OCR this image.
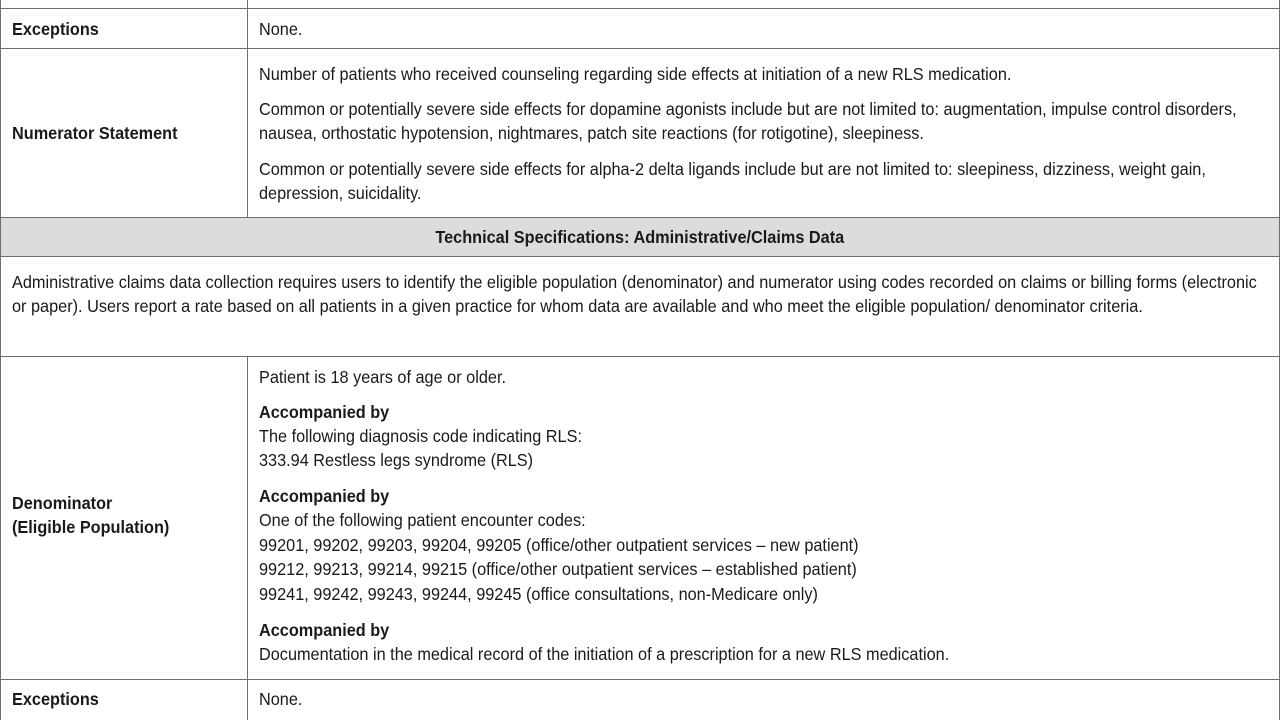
Exceptions	None.
Numerator Statement
Number of patients who received counseling regarding side effects at initiation of a new RLS medication.
Common or potentially severe side effects for dopamine agonists include but are not limited to: augmentation, impulse control disorders, nausea, orthostatic hypotension, nightmares, patch site reactions (for rotigotine), sleepiness.
Common or potentially severe side effects for alpha-2 delta ligands include but are not limited to: sleepiness, dizziness, weight gain, depression, suicidality.
Technical Specifications: Administrative/Claims Data
Administrative claims data collection requires users to identify the eligible population (denominator) and numerator using codes recorded on claims or billing forms (electronic or paper). Users report a rate based on all patients in a given practice for whom data are available and who meet the eligible population/ denominator criteria.
Denominator
(Eligible Population)
Patient is 18 years of age or older.
Accompanied by
The following diagnosis code indicating RLS:
333.94 Restless legs syndrome (RLS)
Accompanied by
One of the following patient encounter codes:
99201, 99202, 99203, 99204, 99205 (office/other outpatient services – new patient)
99212, 99213, 99214, 99215 (office/other outpatient services – established patient)
99241, 99242, 99243, 99244, 99245 (office consultations, non-Medicare only)
Accompanied by
Documentation in the medical record of the initiation of a prescription for a new RLS medication.
Exceptions	None.
